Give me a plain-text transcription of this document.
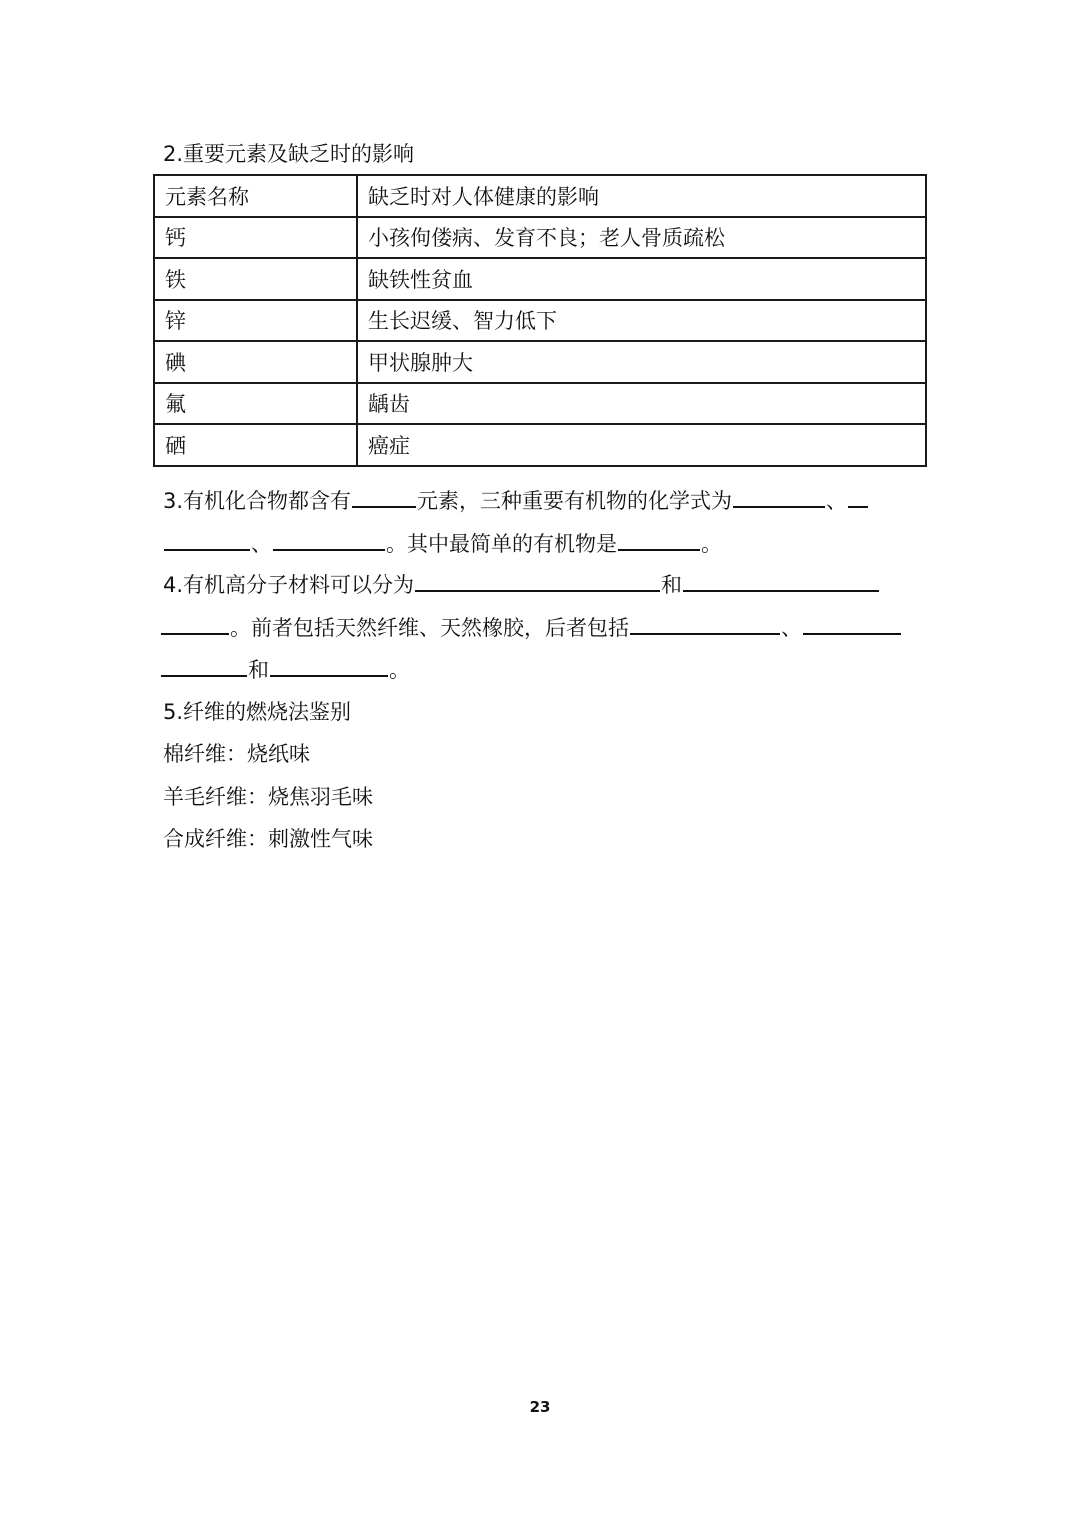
2.重要元素及缺乏时的影响
元素名称	缺乏时对人体健康的影响
钙	小孩佝偻病、发育不良；老人骨质疏松
铁	缺铁性贫血
锌	生长迟缓、智力低下
碘	甲状腺肿大
氟	龋齿
硒	癌症
3.有机化合物都含有	元素，三种重要有机物的化学式为	、
、	。其中最简单的有机物是	。
4.有机高分子材料可以分为	和
。前者包括天然纤维、天然橡胶，后者包括	、
和	。
5.纤维的燃烧法鉴别
棉纤维：烧纸味
羊毛纤维：烧焦羽毛味
合成纤维：刺激性气味
23
